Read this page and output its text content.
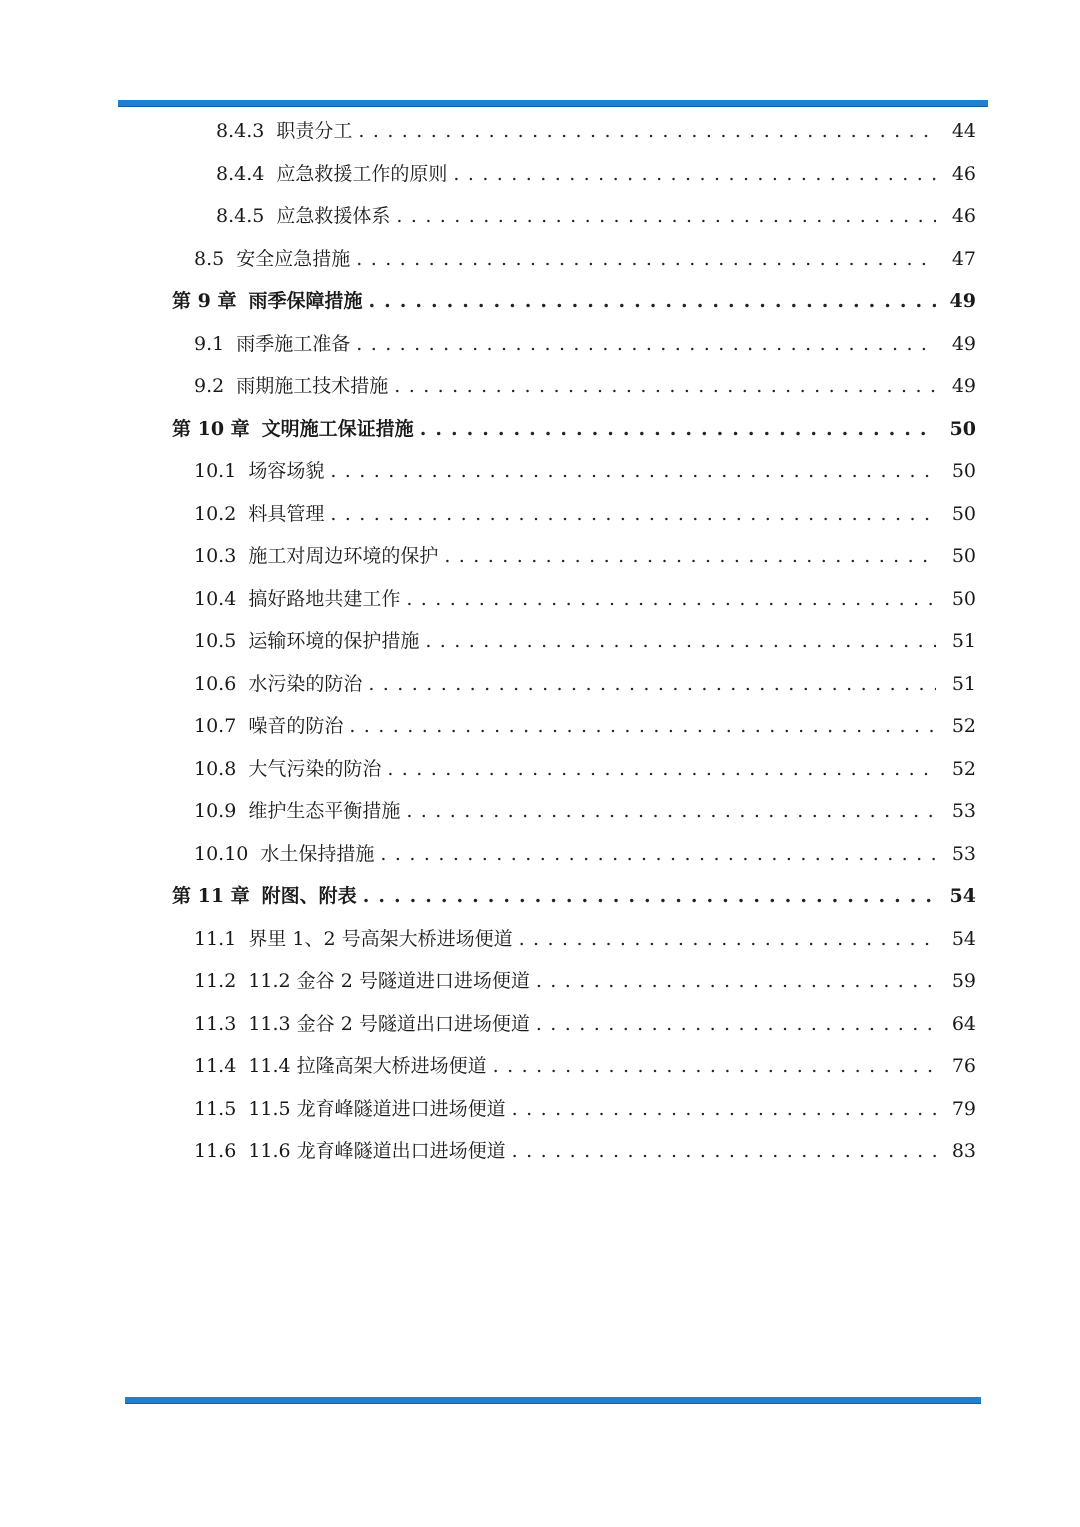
8.4.3 职责分工 . . .	44
8.4.4 应急救援工作的原则 . . .	46
8.4.5 应急救援体系 . . .	46
8.5 安全应急措施 . . .	47
第 9 章 雨季保障措施 . . .	49
9.1 雨季施工准备 . . .	49
9.2 雨期施工技术措施 . . .	49
第 10 章 文明施工保证措施 . . .	50
10.1 场容场貌 . . .	50
10.2 料具管理 . . .	50
10.3 施工对周边环境的保护 . . .	50
10.4 搞好路地共建工作 . . .	50
10.5 运输环境的保护措施 . . .	51
10.6 水污染的防治 . . .	51
10.7 噪音的防治 . . .	52
10.8 大气污染的防治 . . .	52
10.9 维护生态平衡措施 . . .	53
10.10 水土保持措施 . . .	53
第 11 章 附图、附表 . . .	54
11.1 界里 1、2 号高架大桥进场便道 . . .	54
11.2 11.2 金谷 2 号隧道进口进场便道 . . .	59
11.3 11.3 金谷 2 号隧道出口进场便道 . . .	64
11.4 11.4 拉隆高架大桥进场便道 . . .	76
11.5 11.5 龙育峰隧道进口进场便道 . . .	79
11.6 11.6 龙育峰隧道出口进场便道 . . .	83
